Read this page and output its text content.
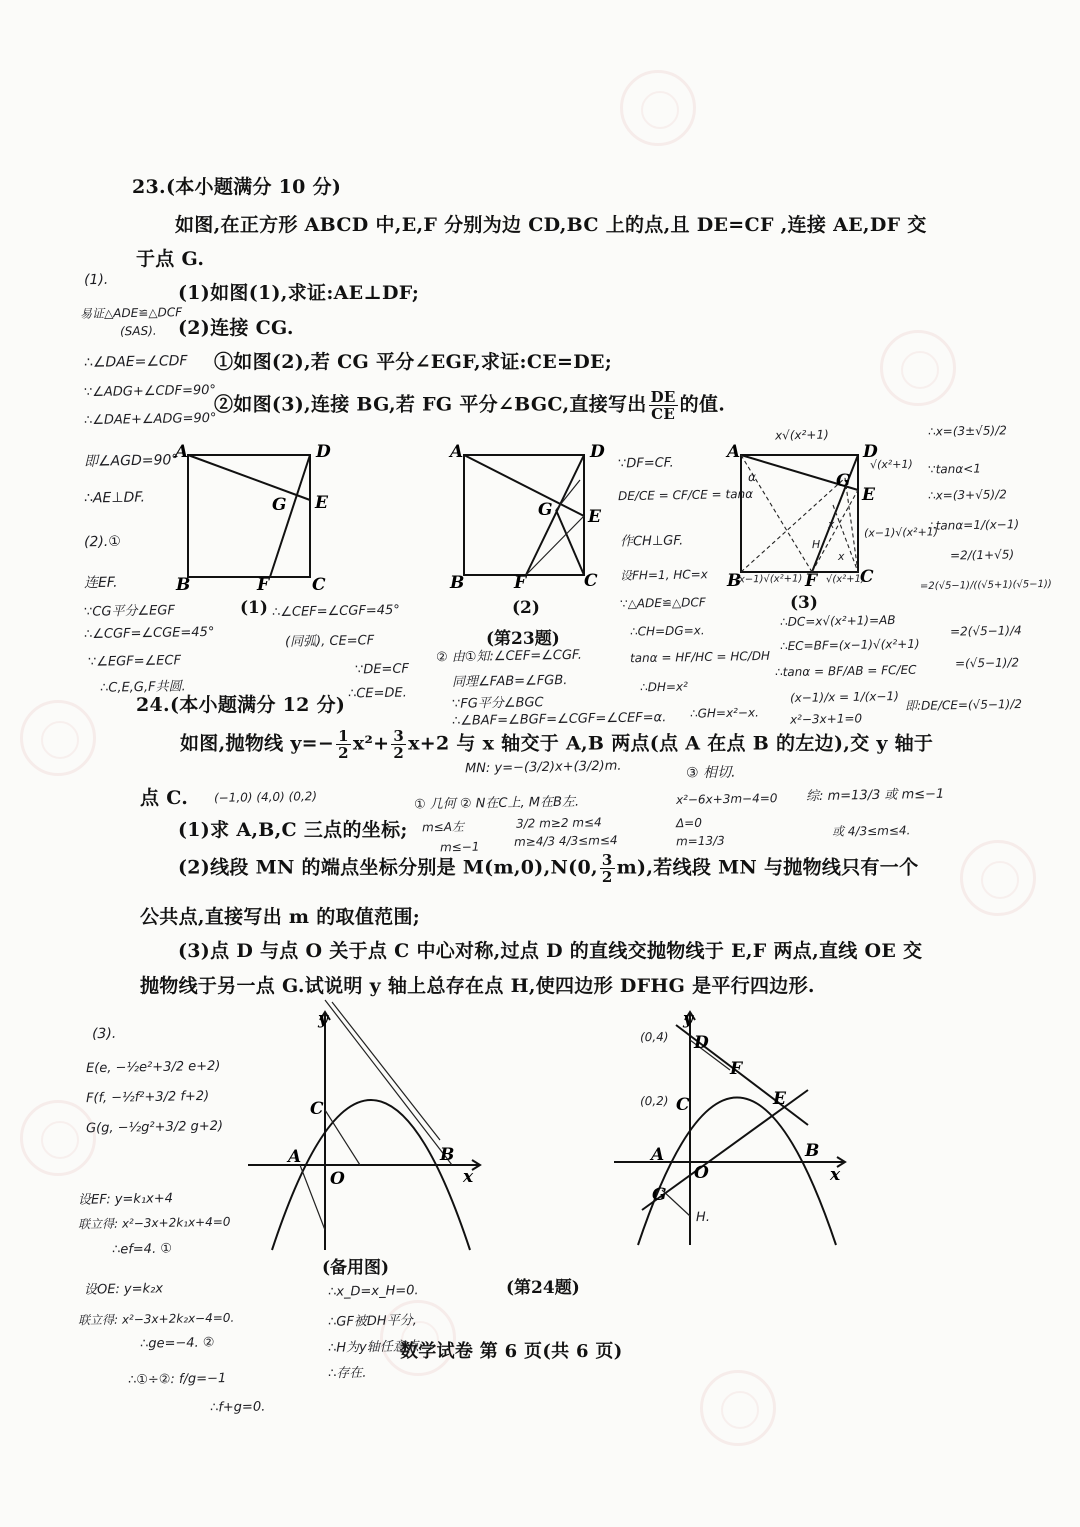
23.(本小题满分 10 分)
如图,在正方形 ABCD 中,E,F 分别为边 CD,BC 上的点,且 DE=CF ,连接 AE,DF 交
于点 G.
(1)如图(1),求证:AE⊥DF;
(2)连接 CG.
①如图(2),若 CG 平分∠EGF,求证:CE=DE;
②如图(3),连接 BG,若 FG 平分∠BGC,直接写出 $\frac{DE}{CE}$ 的值.
A	D
E
G
B	F	C
A	D
E
G
B	F	C
A	D
E
G
B	F	C
(1)	(2)	(3)
(第23题)
24.(本小题满分 12 分)
如图,抛物线 $y=- \frac{1}{2} x^2+ \frac{3}{2} x+2$ 与 x 轴交于 A,B 两点(点 A 在点 B 的左边),交 y 轴于
点 C.
(1)求 A,B,C 三点的坐标;
(2)线段 MN 的端点坐标分别是 M(m,0),N(0, $\frac{3}{2} m$),若线段 MN 与抛物线只有一个
公共点,直接写出 m 的取值范围;
(3)点 D 与点 O 关于点 C 中心对称,过点 D 的直线交抛物线于 E,F 两点,直线 OE 交
抛物线于另一点 G.试说明 y 轴上总存在点 H,使四边形 DFHG 是平行四边形.
y
x
O
C
A	B
y
x
O
D
F
E
C
A	B
G
(备用图)
(第24题)
数学试卷 第 6 页(共 6 页)
(1).
易证△ADE≌△DCF
(SAS).
∴∠DAE=∠CDF
∵∠ADG+∠CDF=90°
∴∠DAE+∠ADG=90°
即∠AGD=90°
∴AE⊥DF.
(2).①
连EF.
∵CG平分∠EGF
∴∠CGF=∠CGE=45°
∵∠EGF=∠ECF
∴C,E,G,F共圆.
∴∠CEF=∠CGF=45°
(同弧), CE=CF
∵DE=CF
∴CE=DE.
② 由①知:∠CEF=∠CGF.
同理∠FAB=∠FGB.
∵FG平分∠BGC
∴∠BAF=∠BGF=∠CGF=∠CEF=α.
∵DF=CF.
DE/CE = CF/CE = tanα
作CH⊥GF.
设FH=1, HC=x
∵△ADE≌△DCF
∴CH=DG=x.
tanα = HF/HC = HC/DH
∴DH=x²
∴GH=x²−x.
∴DC=x√(x²+1)=AB
∴EC=BF=(x−1)√(x²+1)
∴tanα = BF/AB = FC/EC
(x−1)/x = 1/(x−1)
x²−3x+1=0
∴x=(3±√5)/2
∵tanα<1
∴x=(3+√5)/2
∴tanα=1/(x−1)
=2/(1+√5)
=2(√5−1)/((√5+1)(√5−1))
=2(√5−1)/4
=(√5−1)/2
即:DE/CE=(√5−1)/2
x√(x²+1)
√(x²+1)
(x−1)√(x²+1)
(x−1)√(x²+1) √(x²+1)
α
x
x
H
MN: y=−(3/2)x+(3/2)m.
(−1,0) (4,0) (0,2)	① 几何 ② N在C上, M在B左.
m≤A左	3/2 m≥2 m≤4
m≤−1	m≥4/3 4/3≤m≤4
③ 相切.
x²−6x+3m−4=0
Δ=0
m=13/3
综: m=13/3 或 m≤−1
或 4/3≤m≤4.
(3).
E(e, −½e²+3/2 e+2)
F(f, −½f²+3/2 f+2)
G(g, −½g²+3/2 g+2)
设EF: y=k₁x+4
联立得: x²−3x+2k₁x+4=0
∴ef=4. ①
设OE: y=k₂x
联立得: x²−3x+2k₂x−4=0.
∴ge=−4. ②
∴①÷②: f/g=−1
∴f+g=0.
∴x_D=x_H=0.
∴GF被DH平分,
∴H为y轴任意点.
∴存在.
(0,4)
(0,2)
H.
